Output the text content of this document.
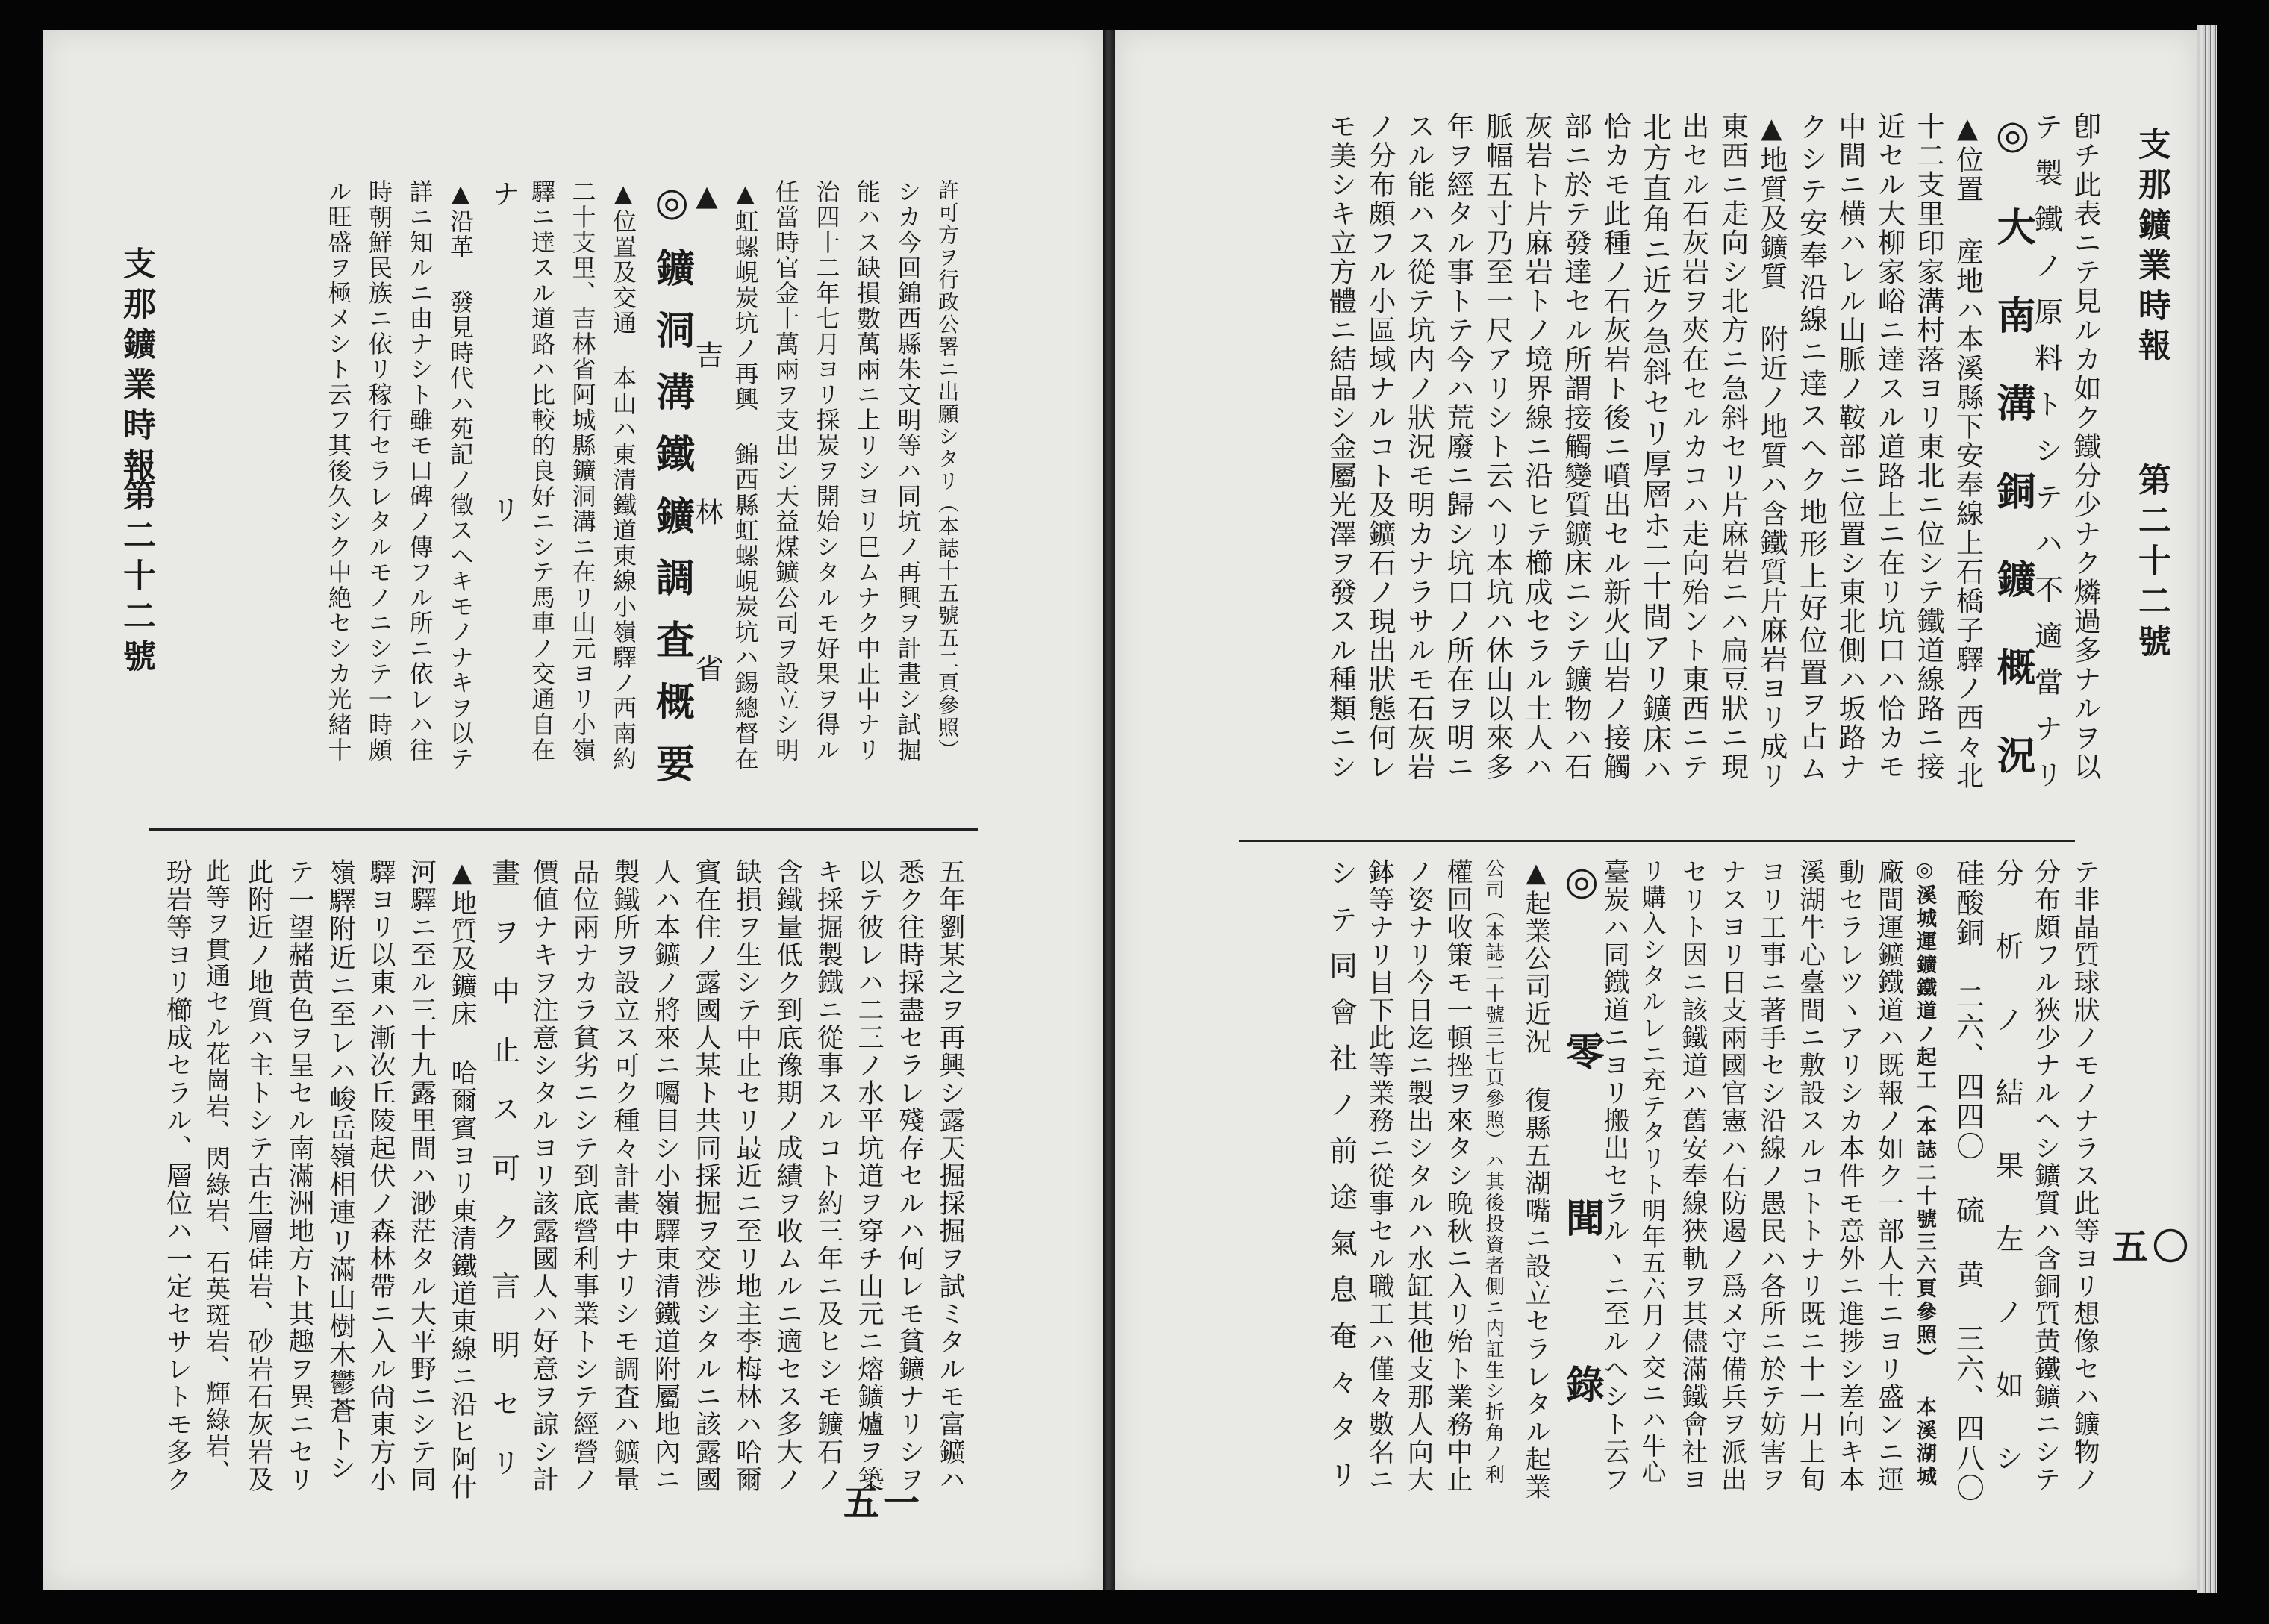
支那鑛業時報
第二十二號
五〇
卽チ此表ニテ見ルカ如ク鐵分少ナク燐過多ナルヲ以
テ製鐵ノ原料トシテハ不適當ナリ
◎大南溝銅鑛概況
▲位置 産地ハ本溪縣下安奉線上石橋子驛ノ西々北
十二支里印家溝村落ヨリ東北ニ位シテ鐵道線路ニ接
近セル大柳家峪ニ達スル道路上ニ在リ坑口ハ恰カモ
中間ニ横ハレル山脈ノ鞍部ニ位置シ東北側ハ坂路ナ
クシテ安奉沿線ニ達スヘク地形上好位置ヲ占ム
▲地質及鑛質 附近ノ地質ハ含鐵質片麻岩ヨリ成リ
東西ニ走向シ北方ニ急斜セリ片麻岩ニハ扁豆狀ニ現
出セル石灰岩ヲ夾在セルカコハ走向殆ント東西ニテ
北方直角ニ近ク急斜セリ厚層ホ二十間アリ鑛床ハ
恰カモ此種ノ石灰岩ト後ニ噴出セル新火山岩ノ接觸
部ニ於テ發達セル所謂接觸變質鑛床ニシテ鑛物ハ石
灰岩ト片麻岩トノ境界線ニ沿ヒテ櫛成セラル土人ハ
脈幅五寸乃至一尺アリシト云ヘリ本坑ハ休山以來多
年ヲ經タル事トテ今ハ荒廢ニ歸シ坑口ノ所在ヲ明ニ
スル能ハス從テ坑内ノ狀況モ明カナラサルモ石灰岩
ノ分布頗フル小區域ナルコト及鑛石ノ現出狀態何レ
モ美シキ立方體ニ結晶シ金屬光澤ヲ發スル種類ニシ
テ非晶質球狀ノモノナラス此等ヨリ想像セハ鑛物ノ
分布頗フル狹少ナルヘシ鑛質ハ含銅質黄鐵鑛ニシテ
分析ノ結果左ノ如シ
硅酸銅 二六、四四〇 硫 黄 三六、四八〇
◎溪城運鑛鐵道ノ起工（本誌二十號三六頁參照） 本溪湖城
廠間運鑛鐵道ハ既報ノ如ク一部人士ニヨリ盛ンニ運
動セラレツヽアリシカ本件モ意外ニ進捗シ差向キ本
溪湖牛心臺間ニ敷設スルコトトナリ既ニ十一月上旬
ヨリ工事ニ著手セシ沿線ノ愚民ハ各所ニ於テ妨害ヲ
ナスヨリ日支兩國官憲ハ右防遏ノ爲メ守備兵ヲ派出
セリト因ニ該鐵道ハ舊安奉線狹軌ヲ其儘滿鐵會社ヨ
リ購入シタルレニ充テタリト明年五六月ノ交ニハ牛心
臺炭ハ同鐵道ニヨリ搬出セラルヽニ至ルヘシト云フ
◎零聞錄
▲起業公司近況 復縣五湖嘴ニ設立セラレタル起業
公司（本誌二十號三七頁參照）ハ其後投資者側ニ内訌生シ折角ノ利
權回收策モ一頓挫ヲ來タシ晩秋ニ入リ殆ト業務中止
ノ姿ナリ今日迄ニ製出シタルハ水缸其他支那人向大
鉢等ナリ目下此等業務ニ從事セル職工ハ僅々數名ニ
シテ同會社ノ前途氣息奄々タリ
支那鑛業時報
第二十二號
五一
許可方ヲ行政公署ニ出願シタリ（本誌十五號五二頁參照）
シカ今回錦西縣朱文明等ハ同坑ノ再興ヲ計畫シ試掘
能ハス缺損數萬兩ニ上リシヨリ巳ムナク中止中ナリ
治四十二年七月ヨリ採炭ヲ開始シタルモ好果ヲ得ル
任當時官金十萬兩ヲ支出シ天益煤鑛公司ヲ設立シ明
▲虹螺峴炭坑ノ再興 錦西縣虹螺峴炭坑ハ錫總督在
▲吉林省
◎鑛洞溝鐵鑛調査概要
▲位置及交通 本山ハ東清鐵道東線小嶺驛ノ西南約
二十支里、吉林省阿城縣鑛洞溝ニ在リ山元ヨリ小嶺
驛ニ達スル道路ハ比較的良好ニシテ馬車ノ交通自在
ナリ
▲沿革 發見時代ハ苑記ノ徵スヘキモノナキヲ以テ
詳ニ知ルニ由ナシト雖モ口碑ノ傳フル所ニ依レハ往
時朝鮮民族ニ依リ稼行セラレタルモノニシテ一時頗
ル旺盛ヲ極メシト云フ其後久シク中絶セシカ光緒十
五年劉某之ヲ再興シ露天掘採掘ヲ試ミタルモ富鑛ハ
悉ク往時採盡セラレ殘存セルハ何レモ貧鑛ナリシヲ
以テ彼レハ二三ノ水平坑道ヲ穿チ山元ニ熔鑛爐ヲ築
キ採掘製鐵ニ從事スルコト約三年ニ及ヒシモ鑛石ノ
含鐵量低ク到底豫期ノ成績ヲ收ムルニ適セス多大ノ
缺損ヲ生シテ中止セリ最近ニ至リ地主李梅林ハ哈爾
賓在住ノ露國人某ト共同採掘ヲ交渉シタルニ該露國
人ハ本鑛ノ將來ニ囑目シ小嶺驛東清鐵道附屬地內ニ
製鐵所ヲ設立ス可ク種々計畫中ナリシモ調査ハ鑛量
品位兩ナカラ貧劣ニシテ到底營利事業トシテ經營ノ
價値ナキヲ注意シタルヨリ該露國人ハ好意ヲ諒シ計
畫ヲ中止ス可ク言明セリ
▲地質及鑛床 哈爾賓ヨリ東清鐵道東線ニ沿ヒ阿什
河驛ニ至ル三十九露里間ハ渺茫タル大平野ニシテ同
驛ヨリ以東ハ漸次丘陵起伏ノ森林帶ニ入ル尙東方小
嶺驛附近ニ至レハ峻岳嶺相連リ滿山樹木鬱蒼トシ
テ一望赭黄色ヲ呈セル南滿洲地方ト其趣ヲ異ニセリ
此附近ノ地質ハ主トシテ古生層硅岩、砂岩石灰岩及
此等ヲ貫通セル花崗岩、閃綠岩、石英斑岩、輝綠岩、
玢岩等ヨリ櫛成セラル、層位ハ一定セサレトモ多ク
